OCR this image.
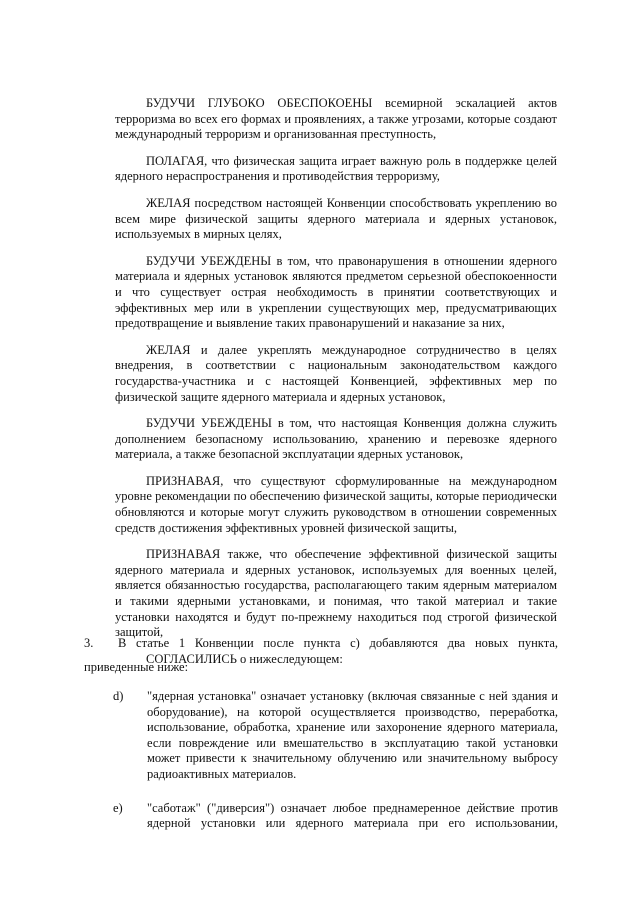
БУДУЧИ ГЛУБОКО ОБЕСПОКОЕНЫ всемирной эскалацией актов терроризма во всех его формах и проявлениях, а также угрозами, которые создают международный терроризм и организованная преступность,

ПОЛАГАЯ, что физическая защита играет важную роль в поддержке целей ядерного нераспространения и противодействия терроризму,

ЖЕЛАЯ посредством настоящей Конвенции способствовать укреплению во всем мире физической защиты ядерного материала и ядерных установок, используемых в мирных целях,

БУДУЧИ УБЕЖДЕНЫ в том, что правонарушения в отношении ядерного материала и ядерных установок являются предметом серьезной обеспокоенности и что существует острая необходимость в принятии соответствующих и эффективных мер или в укреплении существующих мер, предусматривающих предотвращение и выявление таких правонарушений и наказание за них,

ЖЕЛАЯ и далее укреплять международное сотрудничество в целях внедрения, в соответствии с национальным законодательством каждого государства-участника и с настоящей Конвенцией, эффективных мер по физической защите ядерного материала и ядерных установок,

БУДУЧИ УБЕЖДЕНЫ в том, что настоящая Конвенция должна служить дополнением безопасному использованию, хранению и перевозке ядерного материала, а также безопасной эксплуатации ядерных установок,

ПРИЗНАВАЯ, что существуют сформулированные на международном уровне рекомендации по обеспечению физической защиты, которые периодически обновляются и которые могут служить руководством в отношении современных средств достижения эффективных уровней физической защиты,

ПРИЗНАВАЯ также, что обеспечение эффективной физической защиты ядерного материала и ядерных установок, используемых для военных целей, является обязанностью государства, располагающего таким ядерным материалом и такими ядерными установками, и понимая, что такой материал и такие установки находятся и будут по-прежнему находиться под строгой физической защитой,

СОГЛАСИЛИСЬ о нижеследующем:

3. В статье 1 Конвенции после пункта c) добавляются два новых пункта,
приведенные ниже:
d)	"ядерная установка" означает установку (включая связанные с ней здания и оборудование), на которой осуществляется производство, переработка, использование, обработка, хранение или захоронение ядерного материала, если повреждение или вмешательство в эксплуатацию такой установки может привести к значительному облучению или значительному выбросу радиоактивных материалов.
e)	"саботаж" ("диверсия") означает любое преднамеренное действие против ядерной установки или ядерного материала при его использовании,
